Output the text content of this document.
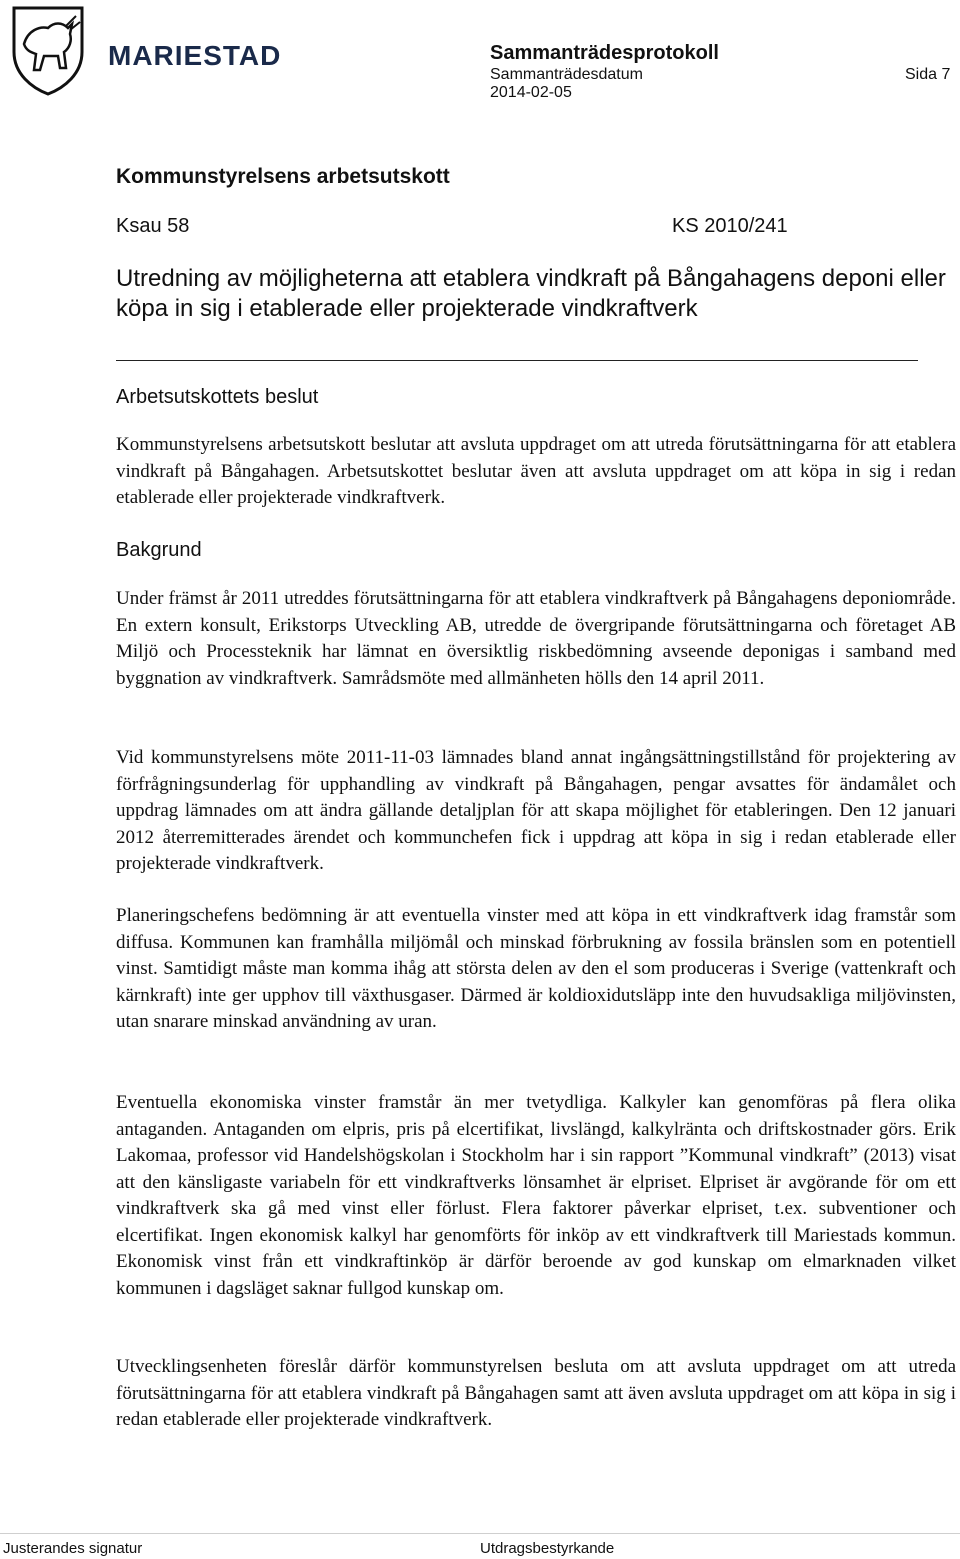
MARIESTAD	Sammanträdesprotokoll
Sammanträdesdatum
2014-02-05
Sida 7
Kommunstyrelsens arbetsutskott
Ksau 58	KS 2010/241
Utredning av möjligheterna att etablera vindkraft på Bångahagens deponi eller köpa in sig i etablerade eller projekterade vindkraftverk
Arbetsutskottets beslut

Kommunstyrelsens arbetsutskott beslutar att avsluta uppdraget om att utreda förutsättningarna för att etablera vindkraft på Bångahagen. Arbetsutskottet beslutar även att avsluta uppdraget om att köpa in sig i redan etablerade eller projekterade vindkraftverk.

Bakgrund

Under främst år 2011 utreddes förutsättningarna för att etablera vindkraftverk på Bångahagens deponiområde. En extern konsult, Erikstorps Utveckling AB, utredde de övergripande förutsättningarna och företaget AB Miljö och Processteknik har lämnat en översiktlig riskbedömning avseende deponigas i samband med byggnation av vindkraftverk. Samrådsmöte med allmänheten hölls den 14 april 2011.

Vid kommunstyrelsens möte 2011-11-03 lämnades bland annat ingångsättningstillstånd för projektering av förfrågningsunderlag för upphandling av vindkraft på Bångahagen, pengar avsattes för ändamålet och uppdrag lämnades om att ändra gällande detaljplan för att skapa möjlighet för etableringen. Den 12 januari 2012 återremitterades ärendet och kommunchefen fick i uppdrag att köpa in sig i redan etablerade eller projekterade vindkraftverk.

Planeringschefens bedömning är att eventuella vinster med att köpa in ett vindkraftverk idag framstår som diffusa. Kommunen kan framhålla miljömål och minskad förbrukning av fossila bränslen som en potentiell vinst. Samtidigt måste man komma ihåg att största delen av den el som produceras i Sverige (vattenkraft och kärnkraft) inte ger upphov till växthusgaser. Därmed är koldioxidutsläpp inte den huvudsakliga miljövinsten, utan snarare minskad användning av uran.

Eventuella ekonomiska vinster framstår än mer tvetydliga. Kalkyler kan genomföras på flera olika antaganden. Antaganden om elpris, pris på elcertifikat, livslängd, kalkylränta och driftskostnader görs. Erik Lakomaa, professor vid Handelshögskolan i Stockholm har i sin rapport ”Kommunal vindkraft” (2013) visat att den känsligaste variabeln för ett vindkraftverks lönsamhet är elpriset. Elpriset är avgörande för om ett vindkraftverk ska gå med vinst eller förlust. Flera faktorer påverkar elpriset, t.ex. subventioner och elcertifikat. Ingen ekonomisk kalkyl har genomförts för inköp av ett vindkraftverk till Mariestads kommun. Ekonomisk vinst från ett vindkraftinköp är därför beroende av god kunskap om elmarknaden vilket kommunen i dagsläget saknar fullgod kunskap om.

Utvecklingsenheten föreslår därför kommunstyrelsen besluta om att avsluta uppdraget om att utreda förutsättningarna för att etablera vindkraft på Bångahagen samt att även avsluta uppdraget om att köpa in sig i redan etablerade eller projekterade vindkraftverk.

Justerandes signatur	Utdragsbestyrkande
